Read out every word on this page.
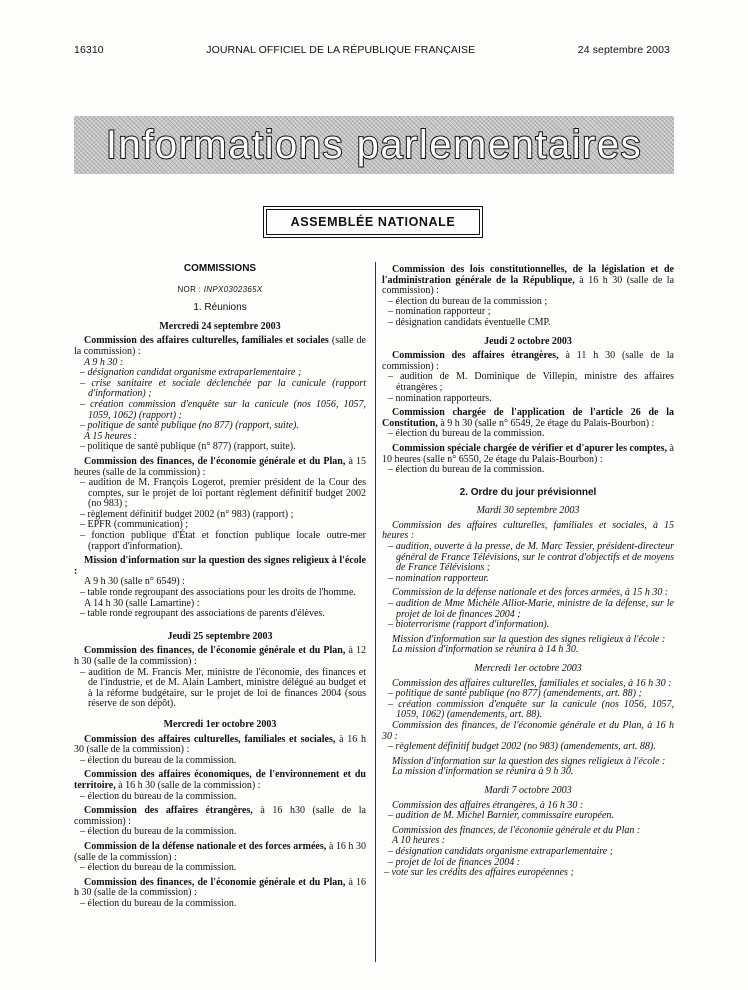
16310	JOURNAL OFFICIEL DE LA RÉPUBLIQUE FRANÇAISE	24 septembre 2003
Informations parlementaires
ASSEMBLÉE NATIONALE
COMMISSIONS
NOR : INPX0302365X
1. Réunions
Mercredi 24 septembre 2003

Commission des affaires culturelles, familiales et sociales (salle de la commission) :

A 9 h 30 :

– désignation candidat organisme extraparlementaire ;

– crise sanitaire et sociale déclenchée par la canicule (rapport d'information) ;

– création commission d'enquête sur la canicule (nos 1056, 1057, 1059, 1062) (rapport) ;

– politique de santé publique (no 877) (rapport, suite).

A 15 heures :

– politique de santé publique (n° 877) (rapport, suite).

Commission des finances, de l'économie générale et du Plan, à 15 heures (salle de la commission) :

– audition de M. François Logerot, premier président de la Cour des comptes, sur le projet de loi portant règlement définitif budget 2002 (no 983) ;

– règlement définitif budget 2002 (n° 983) (rapport) ;

– EPFR (communication) ;

– fonction publique d'État et fonction publique locale outre-mer (rapport d'information).

Mission d'information sur la question des signes religieux à l'école :

A 9 h 30 (salle n° 6549) :

– table ronde regroupant des associations pour les droits de l'homme.

A 14 h 30 (salle Lamartine) :

– table ronde regroupant des associations de parents d'élèves.

Jeudi 25 septembre 2003

Commission des finances, de l'économie générale et du Plan, à 12 h 30 (salle de la commission) :

– audition de M. Francis Mer, ministre de l'économie, des finances et de l'industrie, et de M. Alain Lambert, ministre délégué au budget et à la réforme budgétaire, sur le projet de loi de finances 2004 (sous réserve de son dépôt).

Mercredi 1er octobre 2003

Commission des affaires culturelles, familiales et sociales, à 16 h 30 (salle de la commission) :

– élection du bureau de la commission.

Commission des affaires économiques, de l'environnement et du territoire, à 16 h 30 (salle de la commission) :

– élection du bureau de la commission.

Commission des affaires étrangères, à 16 h30 (salle de la commission) :

– élection du bureau de la commission.

Commission de la défense nationale et des forces armées, à 16 h 30 (salle de la commission) :

– élection du bureau de la commission.

Commission des finances, de l'économie générale et du Plan, à 16 h 30 (salle de la commission) :

– élection du bureau de la commission.

Commission des lois constitutionnelles, de la législation et de l'administration générale de la République, à 16 h 30 (salle de la commission) :

– élection du bureau de la commission ;

– nomination rapporteur ;

– désignation candidats éventuelle CMP.

Jeudi 2 octobre 2003

Commission des affaires étrangères, à 11 h 30 (salle de la commission) :

– audition de M. Dominique de Villepin, ministre des affaires étrangères ;

– nomination rapporteurs.

Commission chargée de l'application de l'article 26 de la Constitution, à 9 h 30 (salle n° 6549, 2e étage du Palais-Bourbon) :

– élection du bureau de la commission.

Commission spéciale chargée de vérifier et d'apurer les comptes, à 10 heures (salle n° 6550, 2e étage du Palais-Bourbon) :

– élection du bureau de la commission.

2. Ordre du jour prévisionnel
Mardi 30 septembre 2003

Commission des affaires culturelles, familiales et sociales, à 15 heures :

– audition, ouverte à la presse, de M. Marc Tessier, président-directeur général de France Télévisions, sur le contrat d'objectifs et de moyens de France Télévisions ;

– nomination rapporteur.

Commission de la défense nationale et des forces armées, à 15 h 30 :

– audition de Mme Michèle Alliot-Marie, ministre de la défense, sur le projet de loi de finances 2004 ;

– bioterrorisme (rapport d'information).

Mission d'information sur la question des signes religieux à l'école :

La mission d'information se réunira à 14 h 30.

Mercredi 1er octobre 2003

Commission des affaires culturelles, familiales et sociales, à 16 h 30 :

– politique de santé publique (no 877) (amendements, art. 88) ;

– création commission d'enquête sur la canicule (nos 1056, 1057, 1059, 1062) (amendements, art. 88).

Commission des finances, de l'économie générale et du Plan, à 16 h 30 :

– règlement définitif budget 2002 (no 983) (amendements, art. 88).

Mission d'information sur la question des signes religieux à l'école :

La mission d'information se réunira à 9 h 30.

Mardi 7 octobre 2003

Commission des affaires étrangères, à 16 h 30 :

– audition de M. Michel Barnier, commissaire européen.

Commission des finances, de l'économie générale et du Plan :

A 10 heures :

– désignation candidats organisme extraparlementaire ;

– projet de loi de finances 2004 :

– vote sur les crédits des affaires européennes ;
